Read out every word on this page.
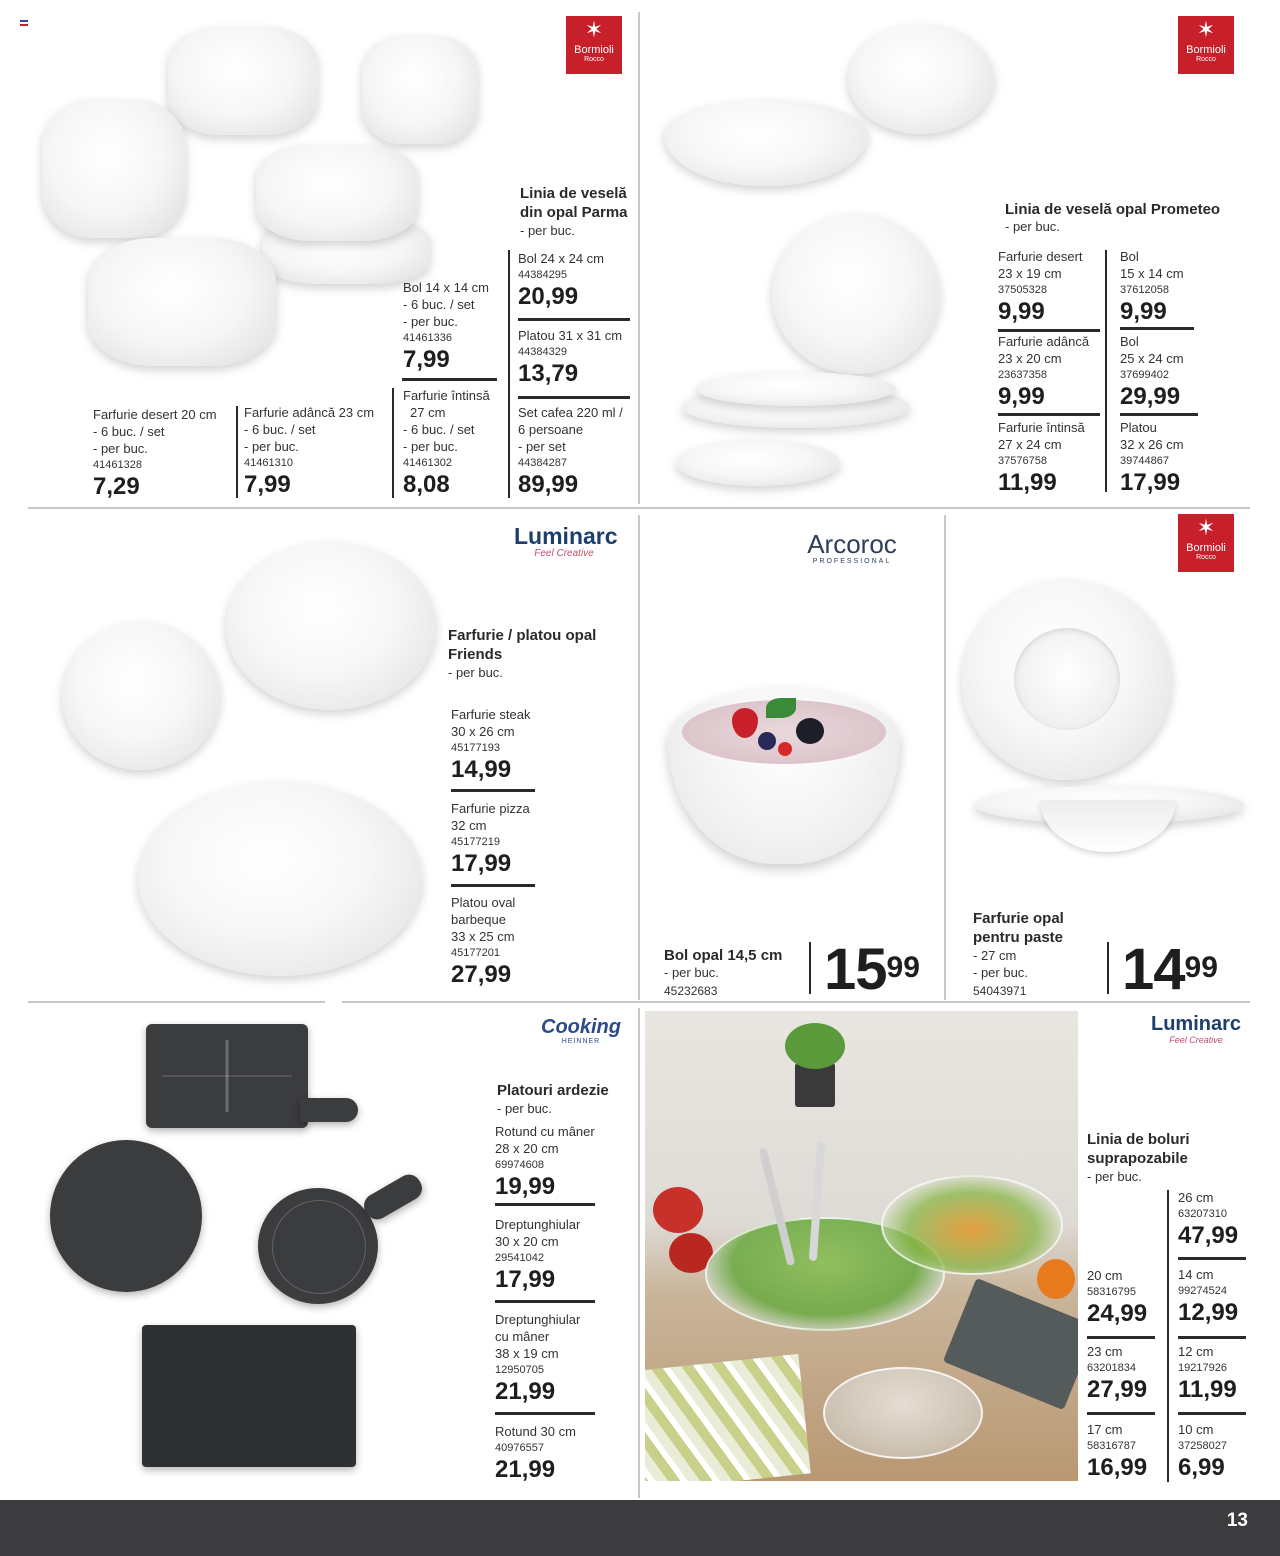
✶
Bormioli
Rocco
Linia de veselă
din opal Parma
- per buc.
Bol 24 x 24 cm
44384295
20,99
Platou 31 x 31 cm
44384329
13,79
Set cafea 220 ml /
6 persoane
- per set
44384287
89,99
Bol 14 x 14 cm
- 6 buc. / set
- per buc.
41461336
7,99
Farfurie întinsă
27 cm
- 6 buc. / set
- per buc.
41461302
8,08
Farfurie adâncă 23 cm
- 6 buc. / set
- per buc.
41461310
7,99
Farfurie desert 20 cm
- 6 buc. / set
- per buc.
41461328
7,29
✶
Bormioli
Rocco
Linia de veselă opal Prometeo
- per buc.
Farfurie desert
23 x 19 cm
37505328
9,99
Farfurie adâncă
23 x 20 cm
23637358
9,99
Farfurie întinsă
27 x 24 cm
37576758
11,99
Bol
15 x 14 cm
37612058
9,99
Bol
25 x 24 cm
37699402
29,99
Platou
32 x 26 cm
39744867
17,99
Luminarc
Feel Creative
Farfurie / platou opal
Friends
- per buc.
Farfurie steak
30 x 26 cm
45177193
14,99
Farfurie pizza
32 cm
45177219
17,99
Platou oval
barbeque
33 x 25 cm
45177201
27,99
Arcoroc
PROFESSIONAL
Bol opal 14,5 cm
- per buc.
45232683 $15^{99}$
✶
Bormioli
Rocco
Farfurie opal
pentru paste
- 27 cm
- per buc.
54043971 $14^{99}$
Cooking
HEINNER
Platouri ardezie
- per buc.
Rotund cu mâner
28 x 20 cm
69974608
19,99
Dreptunghiular
30 x 20 cm
29541042
17,99
Dreptunghiular
cu mâner
38 x 19 cm
12950705
21,99
Rotund 30 cm
40976557
21,99
Luminarc
Feel Creative
Linia de boluri
suprapozabile
- per buc.
20 cm
58316795
24,99
23 cm
63201834
27,99
17 cm
58316787
16,99
26 cm
63207310
47,99
14 cm
99274524
12,99
12 cm
19217926
11,99
10 cm
37258027
6,99
13
